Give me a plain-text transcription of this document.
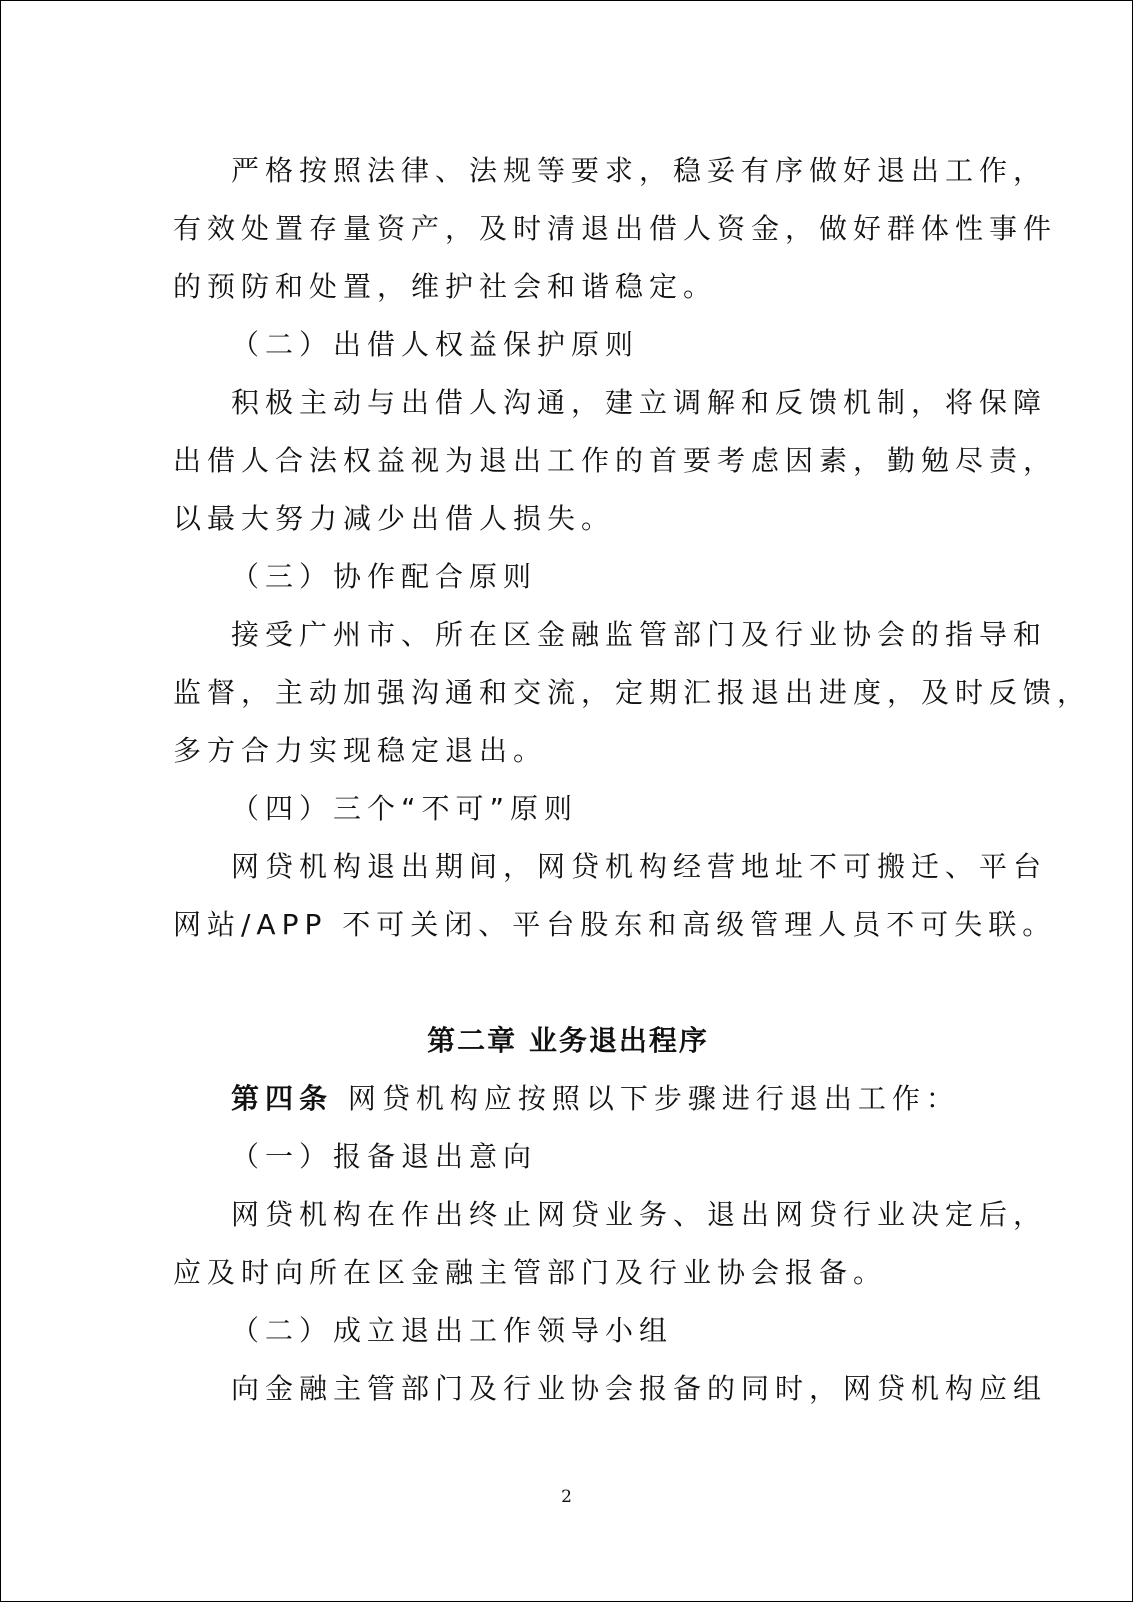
严格按照法律、法规等要求，稳妥有序做好退出工作，
有效处置存量资产，及时清退出借人资金，做好群体性事件
的预防和处置，维护社会和谐稳定。
（二）出借人权益保护原则
积极主动与出借人沟通，建立调解和反馈机制，将保障
出借人合法权益视为退出工作的首要考虑因素，勤勉尽责，
以最大努力减少出借人损失。
（三）协作配合原则
接受广州市、所在区金融监管部门及行业协会的指导和
监督，主动加强沟通和交流，定期汇报退出进度，及时反馈，
多方合力实现稳定退出。
（四）三个“不可”原则
网贷机构退出期间，网贷机构经营地址不可搬迁、平台
网站/APP 不可关闭、平台股东和高级管理人员不可失联。
第二章 业务退出程序
第四条 网贷机构应按照以下步骤进行退出工作：
（一）报备退出意向
网贷机构在作出终止网贷业务、退出网贷行业决定后，
应及时向所在区金融主管部门及行业协会报备。
（二）成立退出工作领导小组
向金融主管部门及行业协会报备的同时，网贷机构应组
2
